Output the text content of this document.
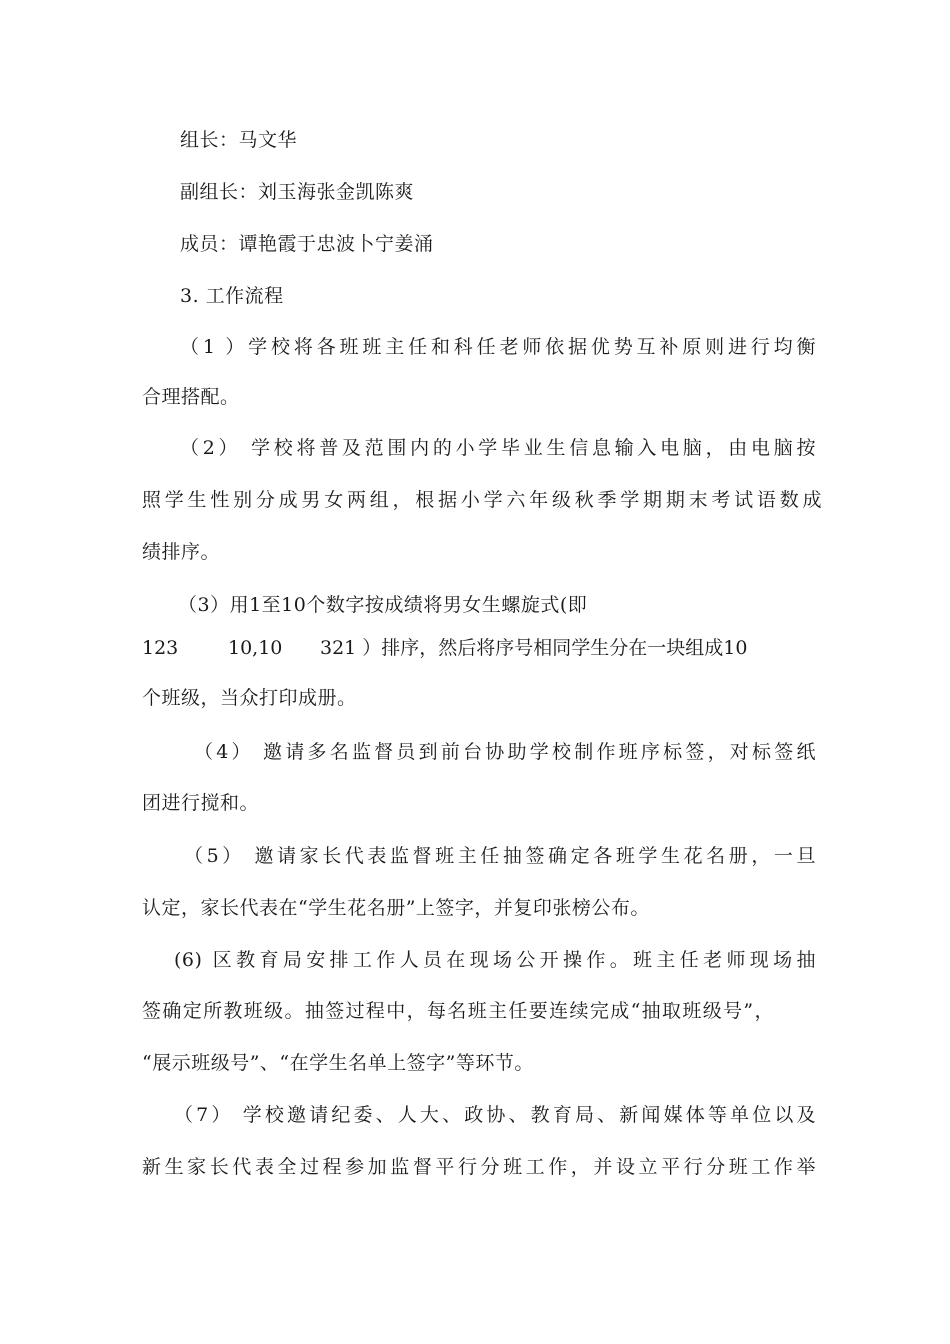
组长：马文华
副组长：刘玉海张金凯陈爽
成员：谭艳霞于忠波卜宁姜涌
3. 工作流程
（1 ）学校将各班班主任和科任老师依据优势互补原则进行均衡
合理搭配。
（2） 学校将普及范围内的小学毕业生信息输入电脑，由电脑按
照学生性别分成男女两组，根据小学六年级秋季学期期末考试语数成
绩排序。
（3）用1至10个数字按成绩将男女生螺旋式(即
123	10,10 321 ）排序，然后将序号相同学生分在一块组成10
个班级，当众打印成册。
（4） 邀请多名监督员到前台协助学校制作班序标签，对标签纸
团进行搅和。
（5） 邀请家长代表监督班主任抽签确定各班学生花名册，一旦
认定，家长代表在“学生花名册”上签字，并复印张榜公布。
(6) 区教育局安排工作人员在现场公开操作。班主任老师现场抽
签确定所教班级。抽签过程中，每名班主任要连续完成“抽取班级号”，
“展示班级号”、“在学生名单上签字”等环节。
（7） 学校邀请纪委、人大、政协、教育局、新闻媒体等单位以及
新生家长代表全过程参加监督平行分班工作，并设立平行分班工作举
